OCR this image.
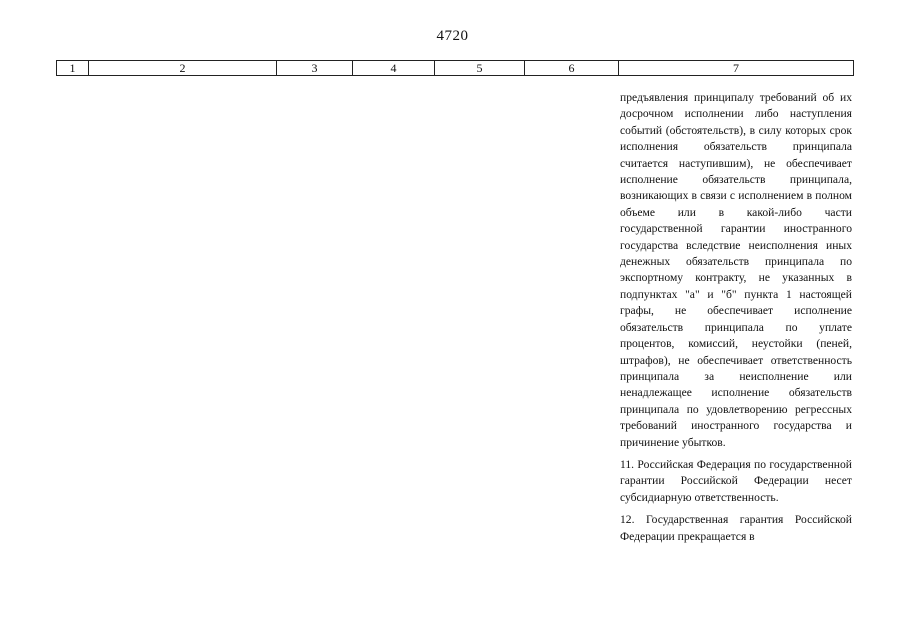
4720
1	2	3	4	5	6	7

предъявления принципалу требований об их досрочном исполнении либо наступления событий (обстоятельств), в силу которых срок исполнения обязательств принципала считается наступившим), не обеспечивает исполнение обязательств принципала, возникающих в связи с исполнением в полном объеме или в какой-либо части государственной гарантии иностранного государства вследствие неисполнения иных денежных обязательств принципала по экспортному контракту, не указанных в подпунктах "а" и "б" пункта 1 настоящей графы, не обеспечивает исполнение обязательств принципала по уплате процентов, комиссий, неустойки (пеней, штрафов), не обеспечивает ответственность принципала за неисполнение или ненадлежащее исполнение обязательств принципала по удовлетворению регрессных требований иностранного государства и причинение убытков.

11. Российская Федерация по государственной гарантии Российской Федерации несет субсидиарную ответственность.

12. Государственная гарантия Российской Федерации прекращается в
